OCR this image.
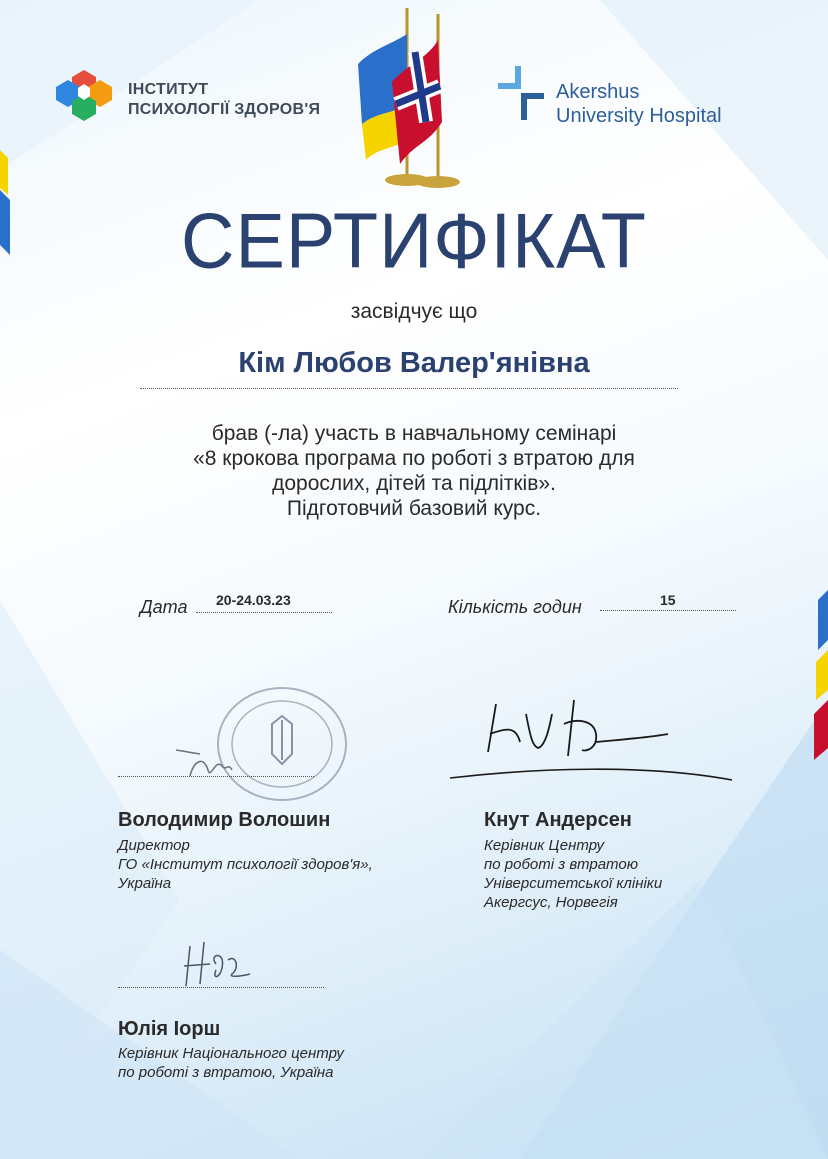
ІНСТИТУТ
ПСИХОЛОГІЇ ЗДОРОВ'Я
Akershus
University Hospital
СЕРТИФІКАТ
засвідчує що
Кім Любов Валер'янівна
брав (-ла) участь в навчальному семінарі
«8 крокова програма по роботі з втратою для
дорослих, дітей та підлітків».
Підготовчий базовий курс.
Дата 20-24.03.23	Кількість годин	15
Володимир Волошин
Директор
ГО «Інститут психології здоров'я»,
Україна
Кнут Андерсен
Керівник Центру
по роботі з втратою
Університетської клініки
Акергсус, Норвегія
Юлія Іорш
Керівник Національного центру
по роботі з втратою, Україна
